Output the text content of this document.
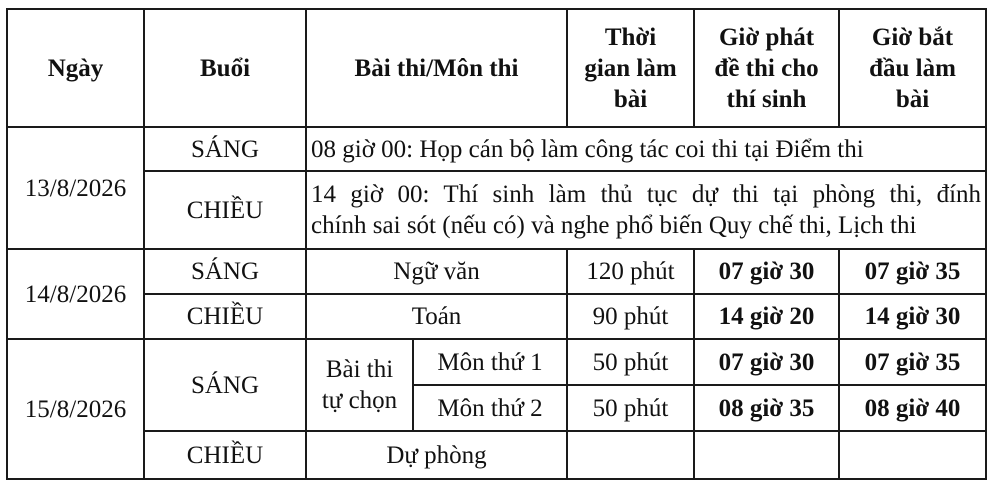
Ngày	Buổi	Bài thi/Môn thi		Thời
gian làm
bài	Giờ phát
đề thi cho
thí sinh	Giờ bắt
đầu làm
bài

13/8/2026	SÁNG	08 giờ 00: Họp cán bộ làm công tác coi thi tại Điểm thi				
	CHIỀU	14 giờ 00: Thí sinh làm thủ tục dự thi tại phòng thi, đính
chính sai sót (nếu có) và nghe phổ biến Quy chế thi, Lịch thi				

14/8/2026	SÁNG	Ngữ văn		120 phút	07 giờ 30	07 giờ 35
	CHIỀU	Toán		90 phút	14 giờ 20	14 giờ 30
15/8/2026	SÁNG	Bài thi
tự chọn	Môn thứ 1	50 phút	07 giờ 30	07 giờ 35
			Môn thứ 2	50 phút	08 giờ 35	08 giờ 40
	CHIỀU	Dự phòng				
